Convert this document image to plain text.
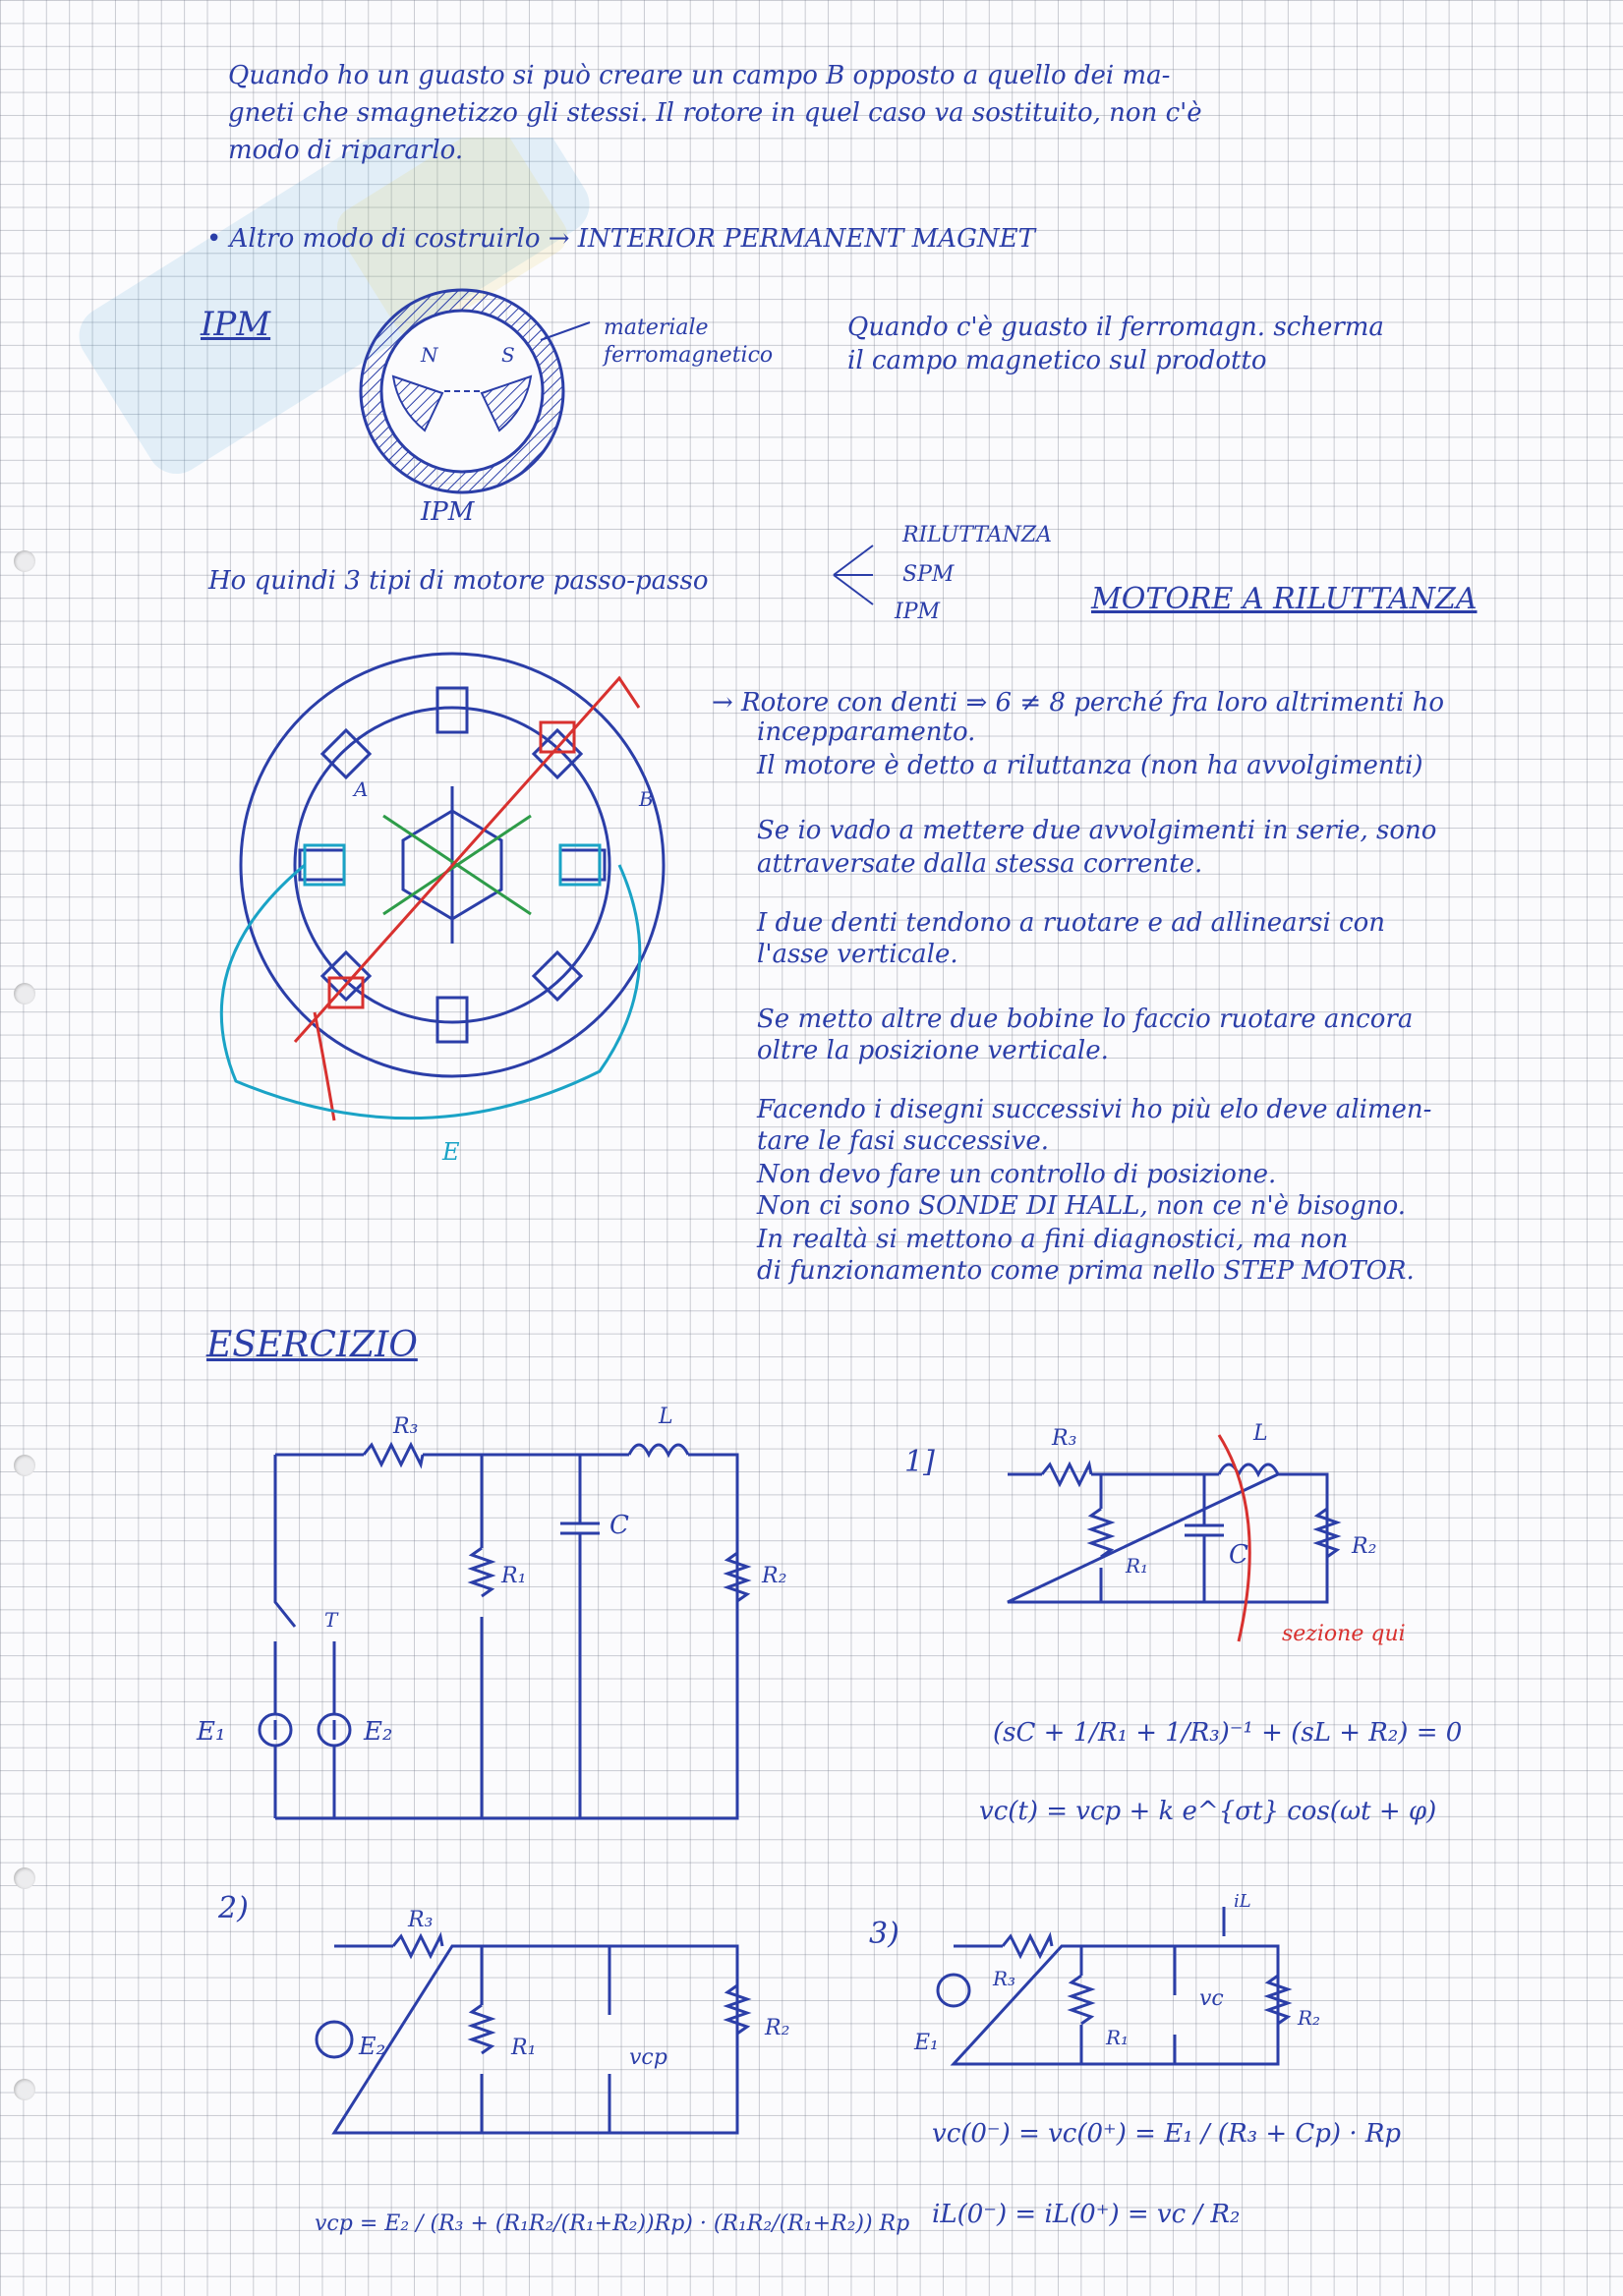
Quando ho un guasto si può creare un campo B opposto a quello dei ma-
gneti che smagnetizzo gli stessi. Il rotore in quel caso va sostituito, non c'è
modo di ripararlo.
• Altro modo di costruirlo → INTERIOR PERMANENT MAGNET
IPM
N	S
materiale ferromagnetico
Quando c'è guasto il ferromagn. scherma
il campo magnetico sul prodotto
IPM
Ho quindi 3 tipi di motore passo-passo
RILUTTANZA
SPM
IPM	MOTORE A RILUTTANZA
A	B
E
→ Rotore con denti ⇒ 6 ≠ 8 perché fra loro altrimenti ho
incepparamento.
Il motore è detto a riluttanza (non ha avvolgimenti)
Se io vado a mettere due avvolgimenti in serie, sono
attraversate dalla stessa corrente.
I due denti tendono a ruotare e ad allinearsi con
l'asse verticale.
Se metto altre due bobine lo faccio ruotare ancora
oltre la posizione verticale.
Facendo i disegni successivi ho più elo deve alimen-
tare le fasi successive.
Non devo fare un controllo di posizione.
Non ci sono SONDE DI HALL, non ce n'è bisogno.
In realtà si mettono a fini diagnostici, ma non
di funzionamento come prima nello STEP MOTOR.
ESERCIZIO
R₃	L
R₁
C
R₂
T
E₁	E₂
1]
R₃	L
R₁	C	R₂
sezione qui
(sC + 1/R₁ + 1/R₃)⁻¹ + (sL + R₂) = 0
vc(t) = vcp + k e^{σt} cos(ωt + φ)
2)	R₃
E₂	R₁	vcp
R₂
vcp = E₂ / (R₃ + (R₁R₂/(R₁+R₂))Rp) · (R₁R₂/(R₁+R₂)) Rp
3)
R₃
E₁	R₁
vc
R₂
iL
vc(0⁻) = vc(0⁺) = E₁ / (R₃ + Cp) · Rp
iL(0⁻) = iL(0⁺) = vc / R₂
